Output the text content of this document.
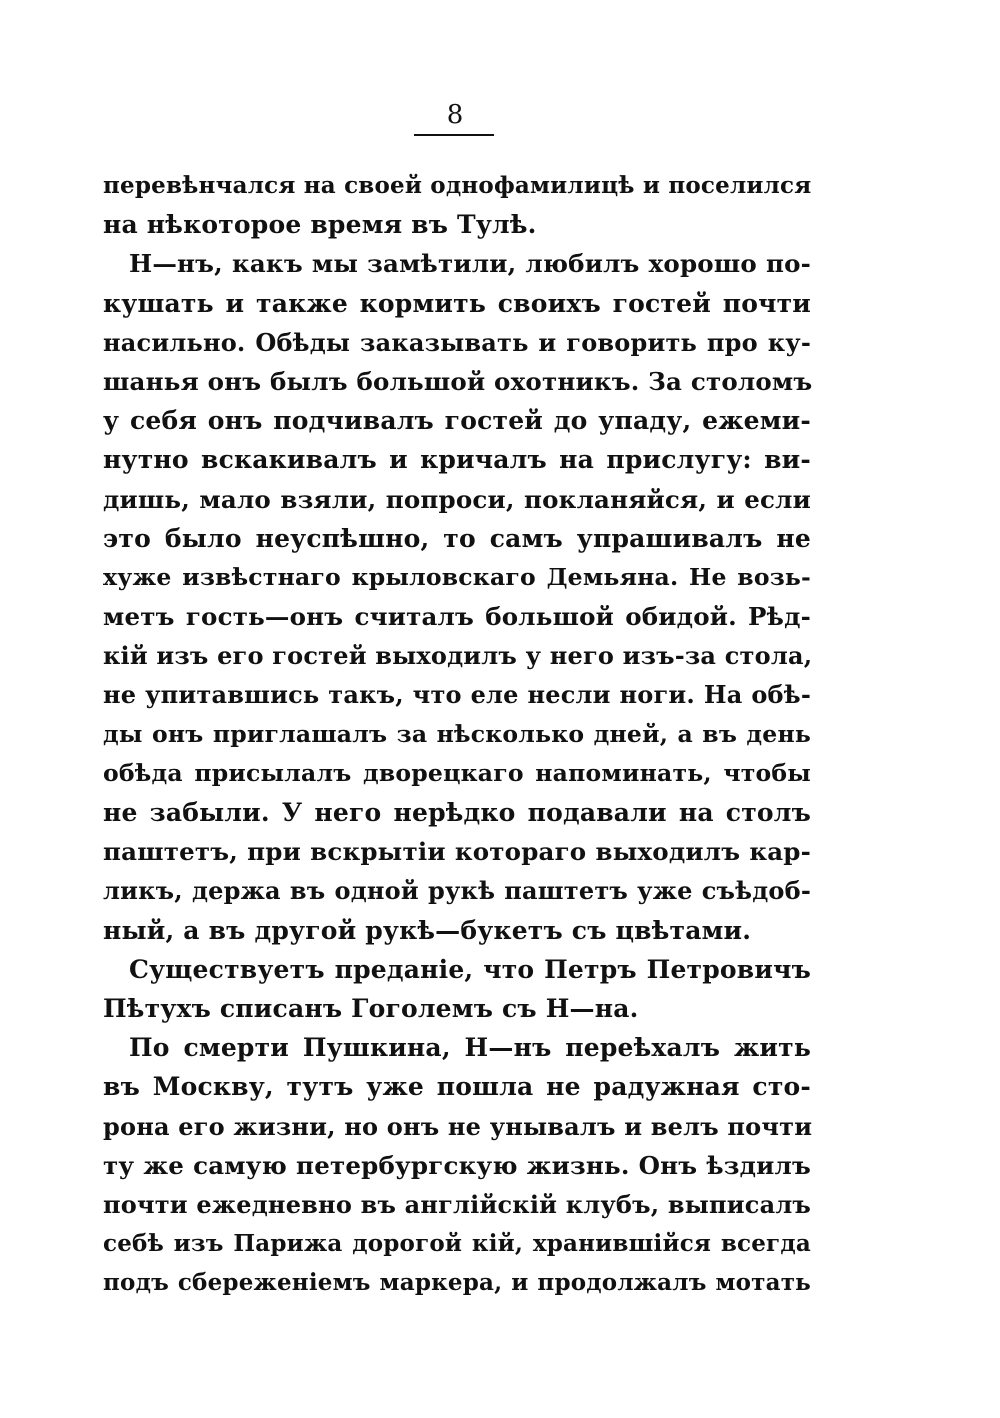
8
перевѣнчался на своей однофамилицѣ и поселился
на нѣкоторое время въ Тулѣ.
Н—нъ, какъ мы замѣтили, любилъ хорошо по-
кушать и также кормить своихъ гостей почти
насильно. Обѣды заказывать и говорить про ку-
шанья онъ былъ большой охотникъ. За столомъ
у себя онъ подчивалъ гостей до упаду, ежеми-
нутно вскакивалъ и кричалъ на прислугу: ви-
дишь, мало взяли, попроси, покланяйся, и если
это было неуспѣшно, то самъ упрашивалъ не
хуже извѣстнаго крыловскаго Демьяна. Не возь-
метъ гость—онъ считалъ большой обидой. Рѣд-
кій изъ его гостей выходилъ у него изъ-за стола,
не упитавшись такъ, что еле несли ноги. На обѣ-
ды онъ приглашалъ за нѣсколько дней, а въ день
обѣда присылалъ дворецкаго напоминать, чтобы
не забыли. У него нерѣдко подавали на столъ
паштетъ, при вскрытіи котораго выходилъ кар-
ликъ, держа въ одной рукѣ паштетъ уже съѣдоб-
ный, а въ другой рукѣ—букетъ съ цвѣтами.
Существуетъ преданіе, что Петръ Петровичъ
Пѣтухъ списанъ Гоголемъ съ Н—на.
По смерти Пушкина, Н—нъ переѣхалъ жить
въ Москву, тутъ уже пошла не радужная сто-
рона его жизни, но онъ не унывалъ и велъ почти
ту же самую петербургскую жизнь. Онъ ѣздилъ
почти ежедневно въ англійскій клубъ, выписалъ
себѣ изъ Парижа дорогой кій, хранившійся всегда
подъ сбереженіемъ маркера, и продолжалъ мотать
